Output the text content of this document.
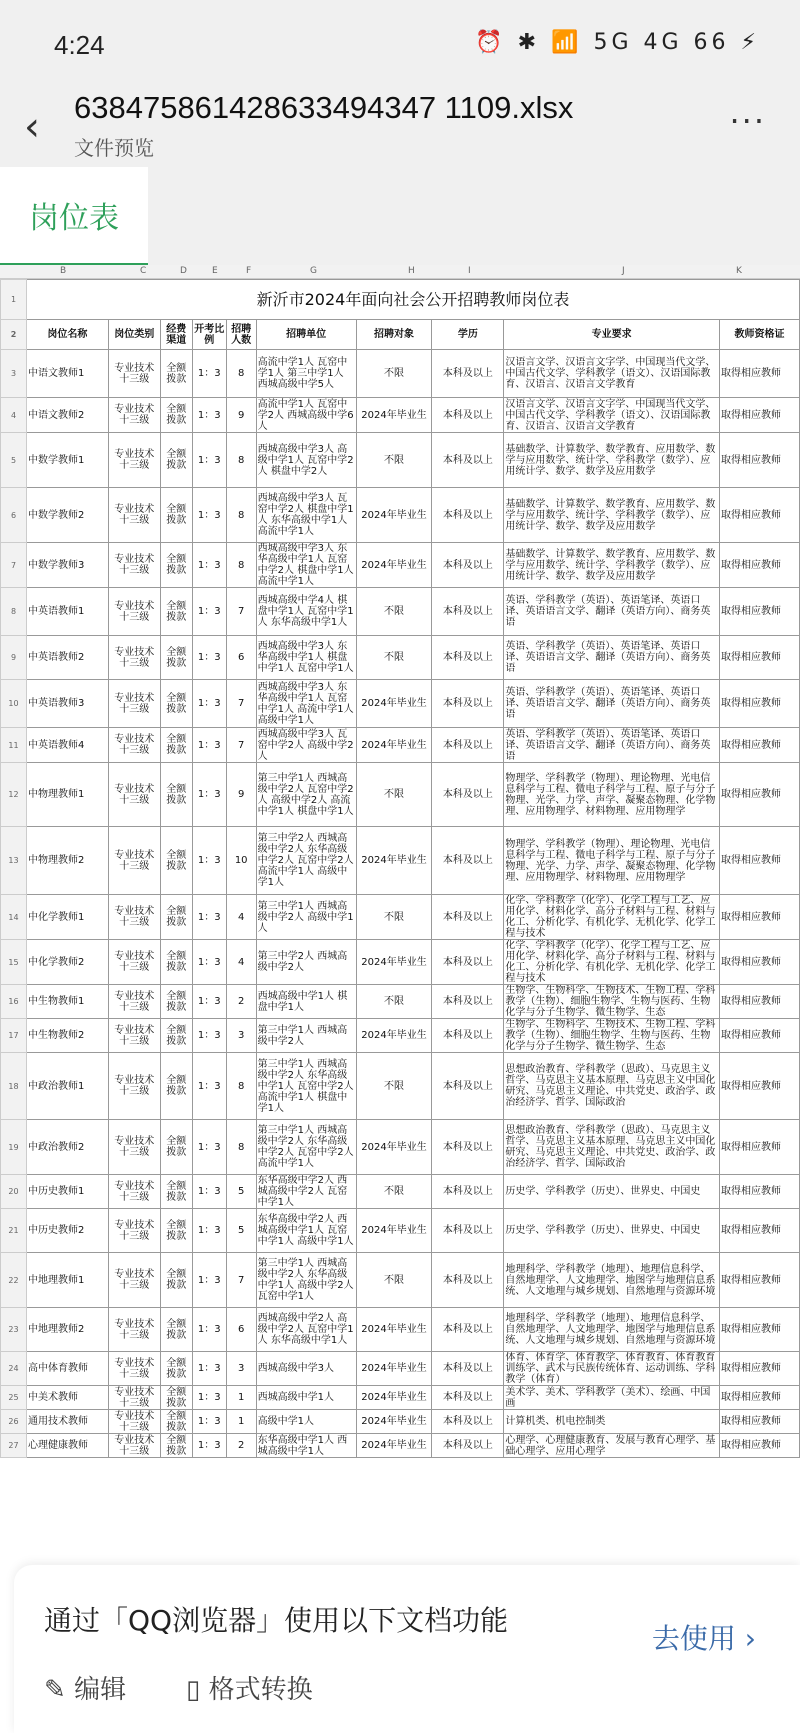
4:24	⏰ ✱ 📶 5G 4G 66 ⚡
‹ 638475861428633494347 1109.xlsx
文件预览
···
岗位表
B	C	D	E	F	G	H	I	J	K
1	新沂市2024年面向社会公开招聘教师岗位表									
2	岗位名称	岗位类别	经费渠道	开考比例	招聘人数	招聘单位	招聘对象	学历	专业要求	教师资格证
3	中语文教师1	专业技术十三级	全额拨款	1：3	8	高流中学1人 瓦窑中学1人 第三中学1人 西城高级中学5人	不限	本科及以上	汉语言文学、汉语言文字学、中国现当代文学、中国古代文学、学科教学（语文）、汉语国际教育、汉语言、汉语言文学教育	取得相应教师
4	中语文教师2	专业技术十三级	全额拨款	1：3	9	高流中学1人 瓦窑中学2人 西城高级中学6人	2024年毕业生	本科及以上	汉语言文学、汉语言文字学、中国现当代文学、中国古代文学、学科教学（语文）、汉语国际教育、汉语言、汉语言文学教育	取得相应教师
5	中数学教师1	专业技术十三级	全额拨款	1：3	8	西城高级中学3人 高级中学1人 瓦窑中学2人 棋盘中学2人	不限	本科及以上	基础数学、计算数学、数学教育、应用数学、数学与应用数学、统计学、学科教学（数学）、应用统计学、数学、数学及应用数学	取得相应教师
6	中数学教师2	专业技术十三级	全额拨款	1：3	8	西城高级中学3人 瓦窑中学2人 棋盘中学1人 东华高级中学1人 高流中学1人	2024年毕业生	本科及以上	基础数学、计算数学、数学教育、应用数学、数学与应用数学、统计学、学科教学（数学）、应用统计学、数学、数学及应用数学	取得相应教师
7	中数学教师3	专业技术十三级	全额拨款	1：3	8	西城高级中学3人 东华高级中学1人 瓦窑中学2人 棋盘中学1人 高流中学1人	2024年毕业生	本科及以上	基础数学、计算数学、数学教育、应用数学、数学与应用数学、统计学、学科教学（数学）、应用统计学、数学、数学及应用数学	取得相应教师
8	中英语教师1	专业技术十三级	全额拨款	1：3	7	西城高级中学4人 棋盘中学1人 瓦窑中学1人 东华高级中学1人	不限	本科及以上	英语、学科教学（英语）、英语笔译、英语口译、英语语言文学、翻译（英语方向）、商务英语	取得相应教师
9	中英语教师2	专业技术十三级	全额拨款	1：3	6	西城高级中学3人 东华高级中学1人 棋盘中学1人 瓦窑中学1人	不限	本科及以上	英语、学科教学（英语）、英语笔译、英语口译、英语语言文学、翻译（英语方向）、商务英语	取得相应教师
10	中英语教师3	专业技术十三级	全额拨款	1：3	7	西城高级中学3人 东华高级中学1人 瓦窑中学1人 高流中学1人 高级中学1人	2024年毕业生	本科及以上	英语、学科教学（英语）、英语笔译、英语口译、英语语言文学、翻译（英语方向）、商务英语	取得相应教师
11	中英语教师4	专业技术十三级	全额拨款	1：3	7	西城高级中学3人 瓦窑中学2人 高级中学2人	2024年毕业生	本科及以上	英语、学科教学（英语）、英语笔译、英语口译、英语语言文学、翻译（英语方向）、商务英语	取得相应教师
12	中物理教师1	专业技术十三级	全额拨款	1：3	9	第三中学1人 西城高级中学2人 瓦窑中学2人 高级中学2人 高流中学1人 棋盘中学1人	不限	本科及以上	物理学、学科教学（物理）、理论物理、光电信息科学与工程、微电子科学与工程、原子与分子物理、光学、力学、声学、凝聚态物理、化学物理、应用物理学、材料物理、应用物理学	取得相应教师
13	中物理教师2	专业技术十三级	全额拨款	1：3	10	第三中学2人 西城高级中学2人 东华高级中学2人 瓦窑中学2人 高流中学1人 高级中学1人	2024年毕业生	本科及以上	物理学、学科教学（物理）、理论物理、光电信息科学与工程、微电子科学与工程、原子与分子物理、光学、力学、声学、凝聚态物理、化学物理、应用物理学、材料物理、应用物理学	取得相应教师
14	中化学教师1	专业技术十三级	全额拨款	1：3	4	第三中学1人 西城高级中学2人 高级中学1人	不限	本科及以上	化学、学科教学（化学）、化学工程与工艺、应用化学、材料化学、高分子材料与工程、材料与化工、分析化学、有机化学、无机化学、化学工程与技术	取得相应教师
15	中化学教师2	专业技术十三级	全额拨款	1：3	4	第三中学2人 西城高级中学2人	2024年毕业生	本科及以上	化学、学科教学（化学）、化学工程与工艺、应用化学、材料化学、高分子材料与工程、材料与化工、分析化学、有机化学、无机化学、化学工程与技术	取得相应教师
16	中生物教师1	专业技术十三级	全额拨款	1：3	2	西城高级中学1人 棋盘中学1人	不限	本科及以上	生物学、生物科学、生物技术、生物工程、学科教学（生物）、细胞生物学、生物与医药、生物化学与分子生物学、微生物学、生态	取得相应教师
17	中生物教师2	专业技术十三级	全额拨款	1：3	3	第三中学1人 西城高级中学2人	2024年毕业生	本科及以上	生物学、生物科学、生物技术、生物工程、学科教学（生物）、细胞生物学、生物与医药、生物化学与分子生物学、微生物学、生态	取得相应教师
18	中政治教师1	专业技术十三级	全额拨款	1：3	8	第三中学1人 西城高级中学2人 东华高级中学1人 瓦窑中学2人 高流中学1人 棋盘中学1人	不限	本科及以上	思想政治教育、学科教学（思政）、马克思主义哲学、马克思主义基本原理、马克思主义中国化研究、马克思主义理论、中共党史、政治学、政治经济学、哲学、国际政治	取得相应教师
19	中政治教师2	专业技术十三级	全额拨款	1：3	8	第三中学1人 西城高级中学2人 东华高级中学2人 瓦窑中学2人 高流中学1人	2024年毕业生	本科及以上	思想政治教育、学科教学（思政）、马克思主义哲学、马克思主义基本原理、马克思主义中国化研究、马克思主义理论、中共党史、政治学、政治经济学、哲学、国际政治	取得相应教师
20	中历史教师1	专业技术十三级	全额拨款	1：3	5	东华高级中学2人 西城高级中学2人 瓦窑中学1人	不限	本科及以上	历史学、学科教学（历史）、世界史、中国史	取得相应教师
21	中历史教师2	专业技术十三级	全额拨款	1：3	5	东华高级中学2人 西城高级中学1人 瓦窑中学1人 高级中学1人	2024年毕业生	本科及以上	历史学、学科教学（历史）、世界史、中国史	取得相应教师
22	中地理教师1	专业技术十三级	全额拨款	1：3	7	第三中学1人 西城高级中学2人 东华高级中学1人 高级中学2人 瓦窑中学1人	不限	本科及以上	地理科学、学科教学（地理）、地理信息科学、自然地理学、人文地理学、地图学与地理信息系统、人文地理与城乡规划、自然地理与资源环境	取得相应教师
23	中地理教师2	专业技术十三级	全额拨款	1：3	6	西城高级中学2人 高级中学2人 瓦窑中学1人 东华高级中学1人	2024年毕业生	本科及以上	地理科学、学科教学（地理）、地理信息科学、自然地理学、人文地理学、地图学与地理信息系统、人文地理与城乡规划、自然地理与资源环境	取得相应教师
24	高中体育教师	专业技术十三级	全额拨款	1：3	3	西城高级中学3人	2024年毕业生	本科及以上	体育、体育学、体育教学、体育教育、体育教育训练学、武术与民族传统体育、运动训练、学科教学（体育）	取得相应教师
25	中美术教师	专业技术十三级	全额拨款	1：3	1	西城高级中学1人	2024年毕业生	本科及以上	美术学、美术、学科教学（美术）、绘画、中国画	取得相应教师
26	通用技术教师	专业技术十三级	全额拨款	1：3	1	高级中学1人	2024年毕业生	本科及以上	计算机类、机电控制类	取得相应教师
27	心理健康教师	专业技术十三级	全额拨款	1：3	2	东华高级中学1人 西城高级中学1人	2024年毕业生	本科及以上	心理学、心理健康教育、发展与教育心理学、基础心理学、应用心理学	取得相应教师
通过「QQ浏览器」使用以下文档功能
去使用 ›
✎ 编辑 ▯ 格式转换
